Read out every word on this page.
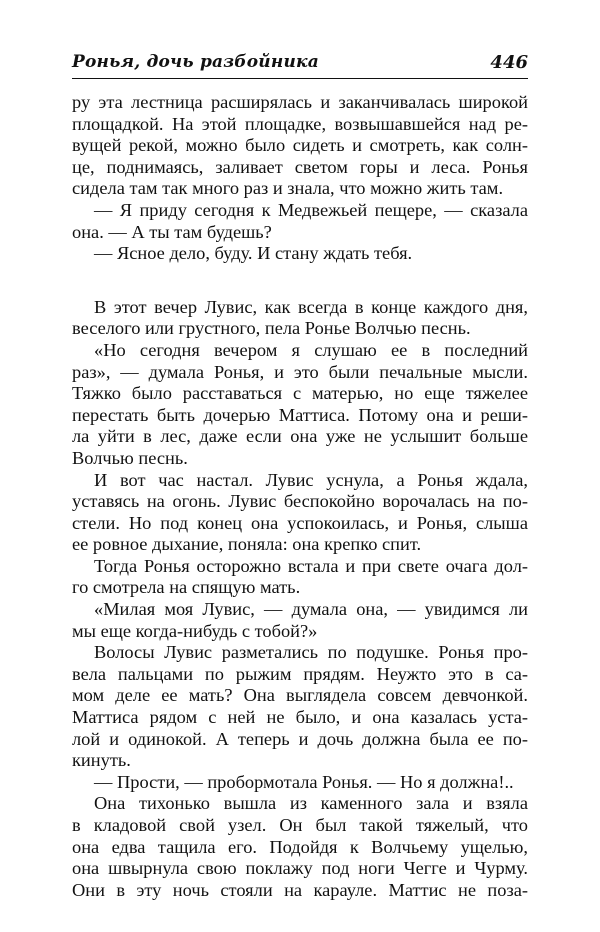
Ронья, дочь разбойника	446
ру эта лестница расширялась и заканчивалась широкой
площадкой. На этой площадке, возвышавшейся над ре-
вущей рекой, можно было сидеть и смотреть, как солн-
це, поднимаясь, заливает светом горы и леса. Ронья
сидела там так много раз и знала, что можно жить там.
— Я приду сегодня к Медвежьей пещере, — сказала
она. — А ты там будешь?
— Ясное дело, буду. И стану ждать тебя.
В этот вечер Лувис, как всегда в конце каждого дня,
веселого или грустного, пела Ронье Волчью песнь.
«Но сегодня вечером я слушаю ее в последний
раз», — думала Ронья, и это были печальные мысли.
Тяжко было расставаться с матерью, но еще тяжелее
перестать быть дочерью Маттиса. Потому она и реши-
ла уйти в лес, даже если она уже не услышит больше
Волчью песнь.
И вот час настал. Лувис уснула, а Ронья ждала,
уставясь на огонь. Лувис беспокойно ворочалась на по-
стели. Но под конец она успокоилась, и Ронья, слыша
ее ровное дыхание, поняла: она крепко спит.
Тогда Ронья осторожно встала и при свете очага дол-
го смотрела на спящую мать.
«Милая моя Лувис, — думала она, — увидимся ли
мы еще когда-нибудь с тобой?»
Волосы Лувис разметались по подушке. Ронья про-
вела пальцами по рыжим прядям. Неужто это в са-
мом деле ее мать? Она выглядела совсем девчонкой.
Маттиса рядом с ней не было, и она казалась уста-
лой и одинокой. А теперь и дочь должна была ее по-
кинуть.
— Прости, — пробормотала Ронья. — Но я должна!..
Она тихонько вышла из каменного зала и взяла
в кладовой свой узел. Он был такой тяжелый, что
она едва тащила его. Подойдя к Волчьему ущелью,
она швырнула свою поклажу под ноги Чегге и Чурму.
Они в эту ночь стояли на карауле. Маттис не поза-
